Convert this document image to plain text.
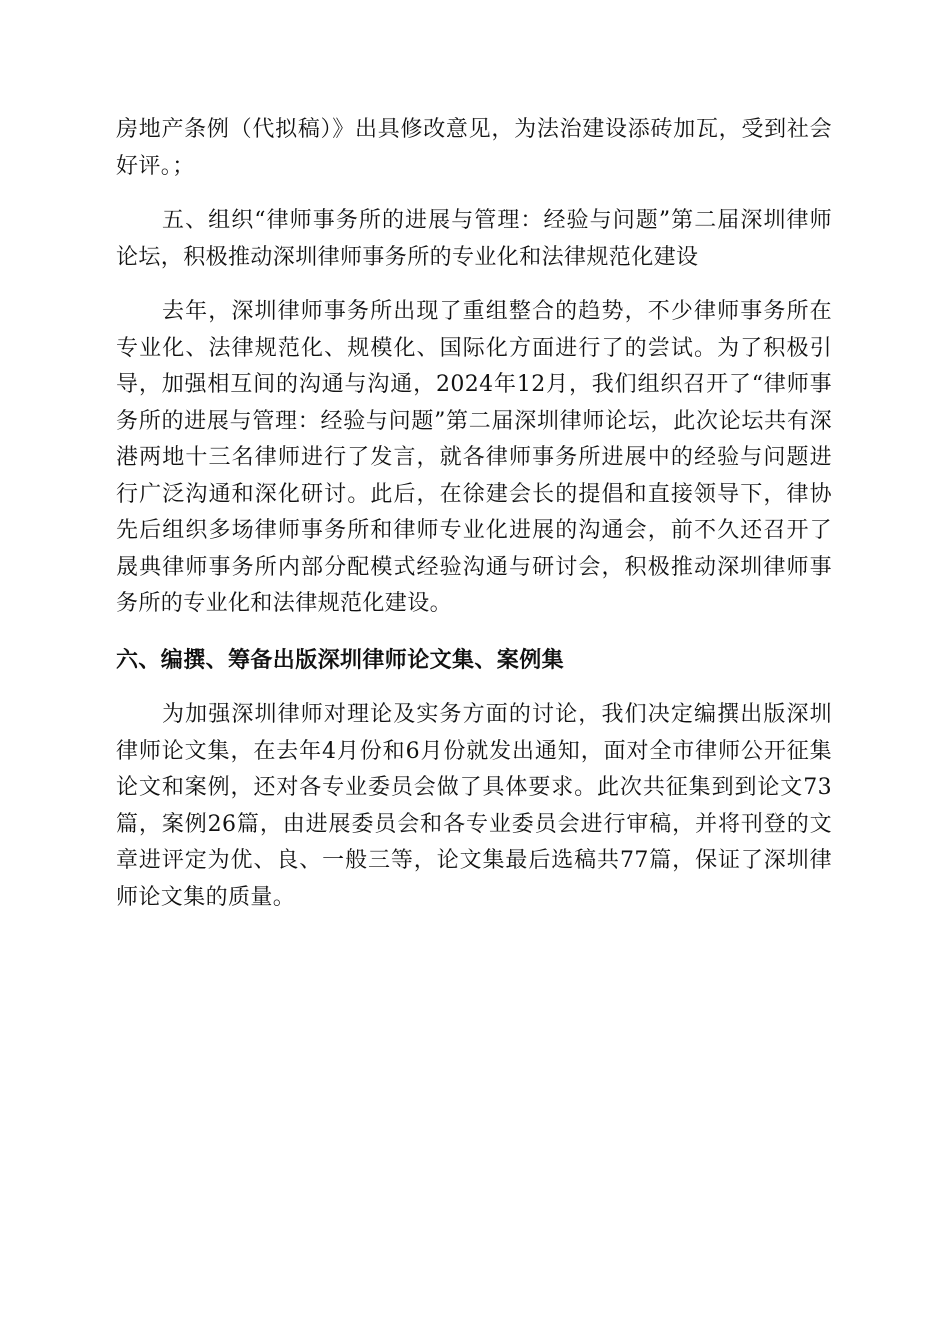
房地产条例（代拟稿）》出具修改意见，为法治建设添砖加瓦，受到社会好评。；

五、组织“律师事务所的进展与管理：经验与问题”第二届深圳律师论坛，积极推动深圳律师事务所的专业化和法律规范化建设

去年，深圳律师事务所出现了重组整合的趋势，不少律师事务所在专业化、法律规范化、规模化、国际化方面进行了的尝试。为了积极引导，加强相互间的沟通与沟通，2024年12月，我们组织召开了“律师事务所的进展与管理：经验与问题”第二届深圳律师论坛，此次论坛共有深港两地十三名律师进行了发言，就各律师事务所进展中的经验与问题进行广泛沟通和深化研讨。此后，在徐建会长的提倡和直接领导下，律协先后组织多场律师事务所和律师专业化进展的沟通会，前不久还召开了晟典律师事务所内部分配模式经验沟通与研讨会，积极推动深圳律师事务所的专业化和法律规范化建设。

六、编撰、筹备出版深圳律师论文集、案例集

为加强深圳律师对理论及实务方面的讨论，我们决定编撰出版深圳律师论文集，在去年4月份和6月份就发出通知，面对全市律师公开征集论文和案例，还对各专业委员会做了具体要求。此次共征集到到论文73篇，案例26篇，由进展委员会和各专业委员会进行审稿，并将刊登的文章进评定为优、良、一般三等，论文集最后选稿共77篇，保证了深圳律师论文集的质量。
